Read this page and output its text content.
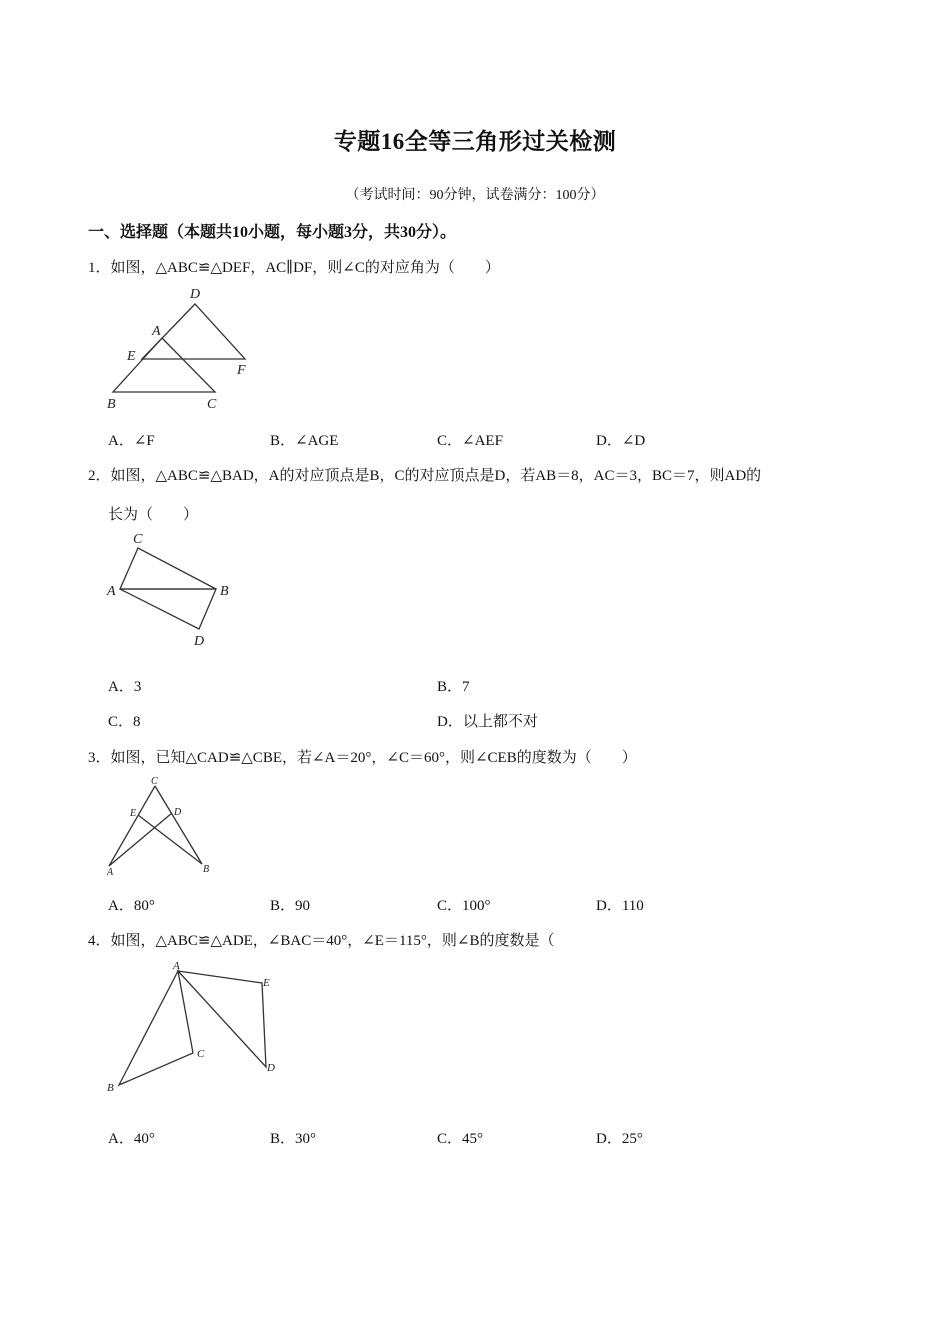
专题16全等三角形过关检测
（考试时间：90分钟，试卷满分：100分）
一、选择题（本题共10小题，每小题3分，共30分）。
1．如图，△ABC≌△DEF，AC∥DF，则∠C的对应角为（　　）
D
A
E
F
B	C
A．∠F	B．∠AGE	C．∠AEF	D．∠D
2．如图，△ABC≌△BAD，A的对应顶点是B，C的对应顶点是D，若AB＝8，AC＝3，BC＝7，则AD的
长为（　　）
C
A	B
D
A．3	B．7
C．8	D．以上都不对
3．如图，已知△CAD≌△CBE，若∠A＝20°，∠C＝60°，则∠CEB的度数为（　　）
C
E	D
A	B
A．80°	B．90	C．100°	D．110
4．如图，△ABC≌△ADE，∠BAC＝40°，∠E＝115°，则∠B的度数是（
A
E
C
B
D
A．40°	B．30°	C．45°	D．25°
